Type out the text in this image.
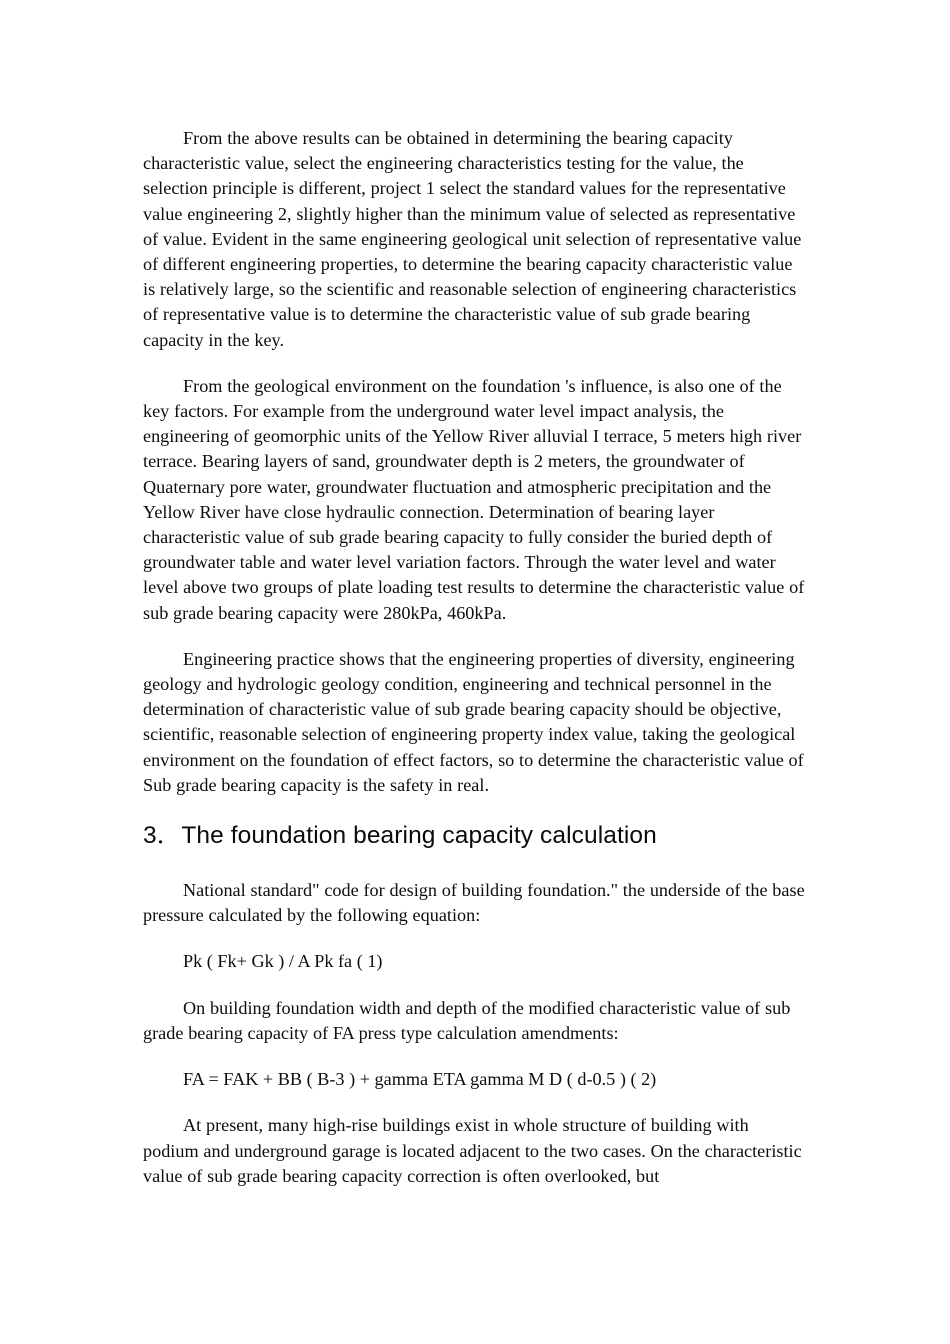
From the above results can be obtained in determining the bearing capacity characteristic value, select the engineering characteristics testing for the value, the selection principle is different, project 1 select the standard values for the representative value engineering 2, slightly higher than the minimum value of selected as representative of value. Evident in the same engineering geological unit selection of representative value of different engineering properties, to determine the bearing capacity characteristic value is relatively large, so the scientific and reasonable selection of engineering characteristics of representative value is to determine the characteristic value of sub grade bearing capacity in the key.

From the geological environment on the foundation 's influence, is also one of the key factors. For example from the underground water level impact analysis, the engineering of geomorphic units of the Yellow River alluvial I terrace, 5 meters high river terrace. Bearing layers of sand, groundwater depth is 2 meters, the groundwater of Quaternary pore water, groundwater fluctuation and atmospheric precipitation and the Yellow River have close hydraulic connection. Determination of bearing layer characteristic value of sub grade bearing capacity to fully consider the buried depth of groundwater table and water level variation factors. Through the water level and water level above two groups of plate loading test results to determine the characteristic value of sub grade bearing capacity were 280kPa, 460kPa.

Engineering practice shows that the engineering properties of diversity, engineering geology and hydrologic geology condition, engineering and technical personnel in the determination of characteristic value of sub grade bearing capacity should be objective, scientific, reasonable selection of engineering property index value, taking the geological environment on the foundation of effect factors, so to determine the characteristic value of Sub grade bearing capacity is the safety in real.

3．The foundation bearing capacity calculation

National standard" code for design of building foundation." the underside of the base pressure calculated by the following equation:

Pk ( Fk+ Gk ) / A Pk fa ( 1)

On building foundation width and depth of the modified characteristic value of sub grade bearing capacity of FA press type calculation amendments:

FA = FAK + BB ( B-3 ) + gamma ETA gamma M D ( d-0.5 ) ( 2)

At present, many high-rise buildings exist in whole structure of building with podium and underground garage is located adjacent to the two cases. On the characteristic value of sub grade bearing capacity correction is often overlooked, but
